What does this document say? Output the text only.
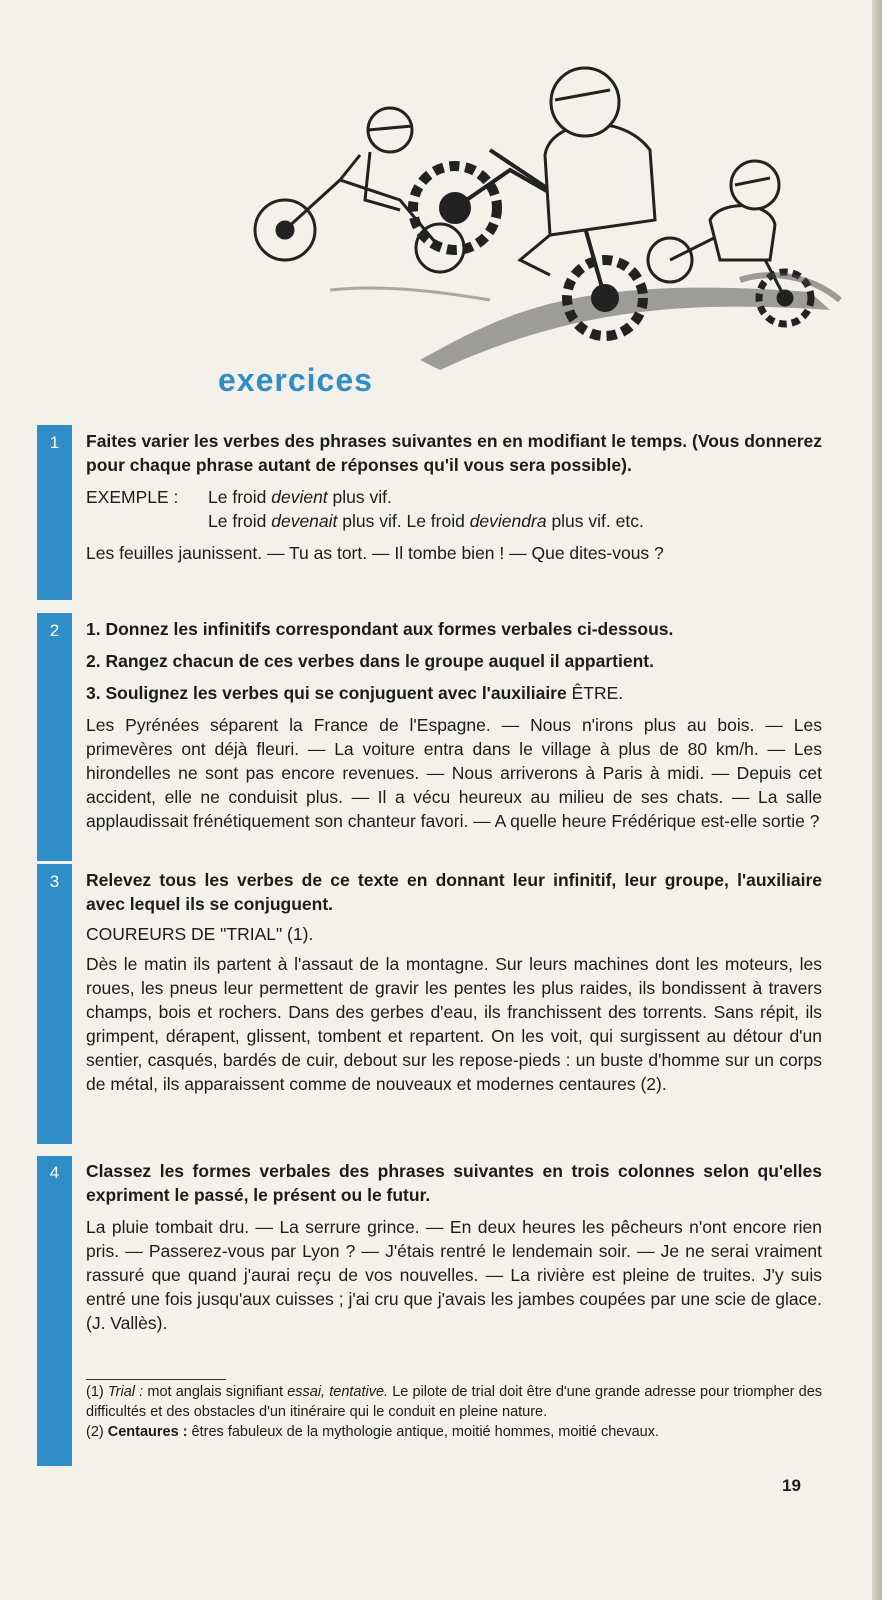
exercices
1	Faites varier les verbes des phrases suivantes en en modifiant le temps. (Vous donnerez pour chaque phrase autant de réponses qu'il vous sera possible).
EXEMPLE :	Le froid devient plus vif.
Le froid devenait plus vif. Le froid deviendra plus vif. etc.
Les feuilles jaunissent. — Tu as tort. — Il tombe bien ! — Que dites-vous ?
2	1. Donnez les infinitifs correspondant aux formes verbales ci-dessous.
2. Rangez chacun de ces verbes dans le groupe auquel il appartient.
3. Soulignez les verbes qui se conjuguent avec l'auxiliaire ÊTRE.
Les Pyrénées séparent la France de l'Espagne. — Nous n'irons plus au bois. — Les primevères ont déjà fleuri. — La voiture entra dans le village à plus de 80 km/h. — Les hirondelles ne sont pas encore revenues. — Nous arriverons à Paris à midi. — Depuis cet accident, elle ne conduisit plus. — Il a vécu heureux au milieu de ses chats. — La salle applaudissait frénétiquement son chanteur favori. — A quelle heure Frédérique est-elle sortie ?
3	Relevez tous les verbes de ce texte en donnant leur infinitif, leur groupe, l'auxiliaire avec lequel ils se conjuguent.
COUREURS DE "TRIAL" (1).
Dès le matin ils partent à l'assaut de la montagne. Sur leurs machines dont les moteurs, les roues, les pneus leur permettent de gravir les pentes les plus raides, ils bondissent à travers champs, bois et rochers. Dans des gerbes d'eau, ils franchissent des torrents. Sans répit, ils grimpent, dérapent, glissent, tombent et repartent. On les voit, qui surgissent au détour d'un sentier, casqués, bardés de cuir, debout sur les repose-pieds : un buste d'homme sur un corps de métal, ils apparaissent comme de nouveaux et modernes centaures (2).
4	Classez les formes verbales des phrases suivantes en trois colonnes selon qu'elles expriment le passé, le présent ou le futur.
La pluie tombait dru. — La serrure grince. — En deux heures les pêcheurs n'ont encore rien pris. — Passerez-vous par Lyon ? — J'étais rentré le lendemain soir. — Je ne serai vraiment rassuré que quand j'aurai reçu de vos nouvelles. — La rivière est pleine de truites. J'y suis entré une fois jusqu'aux cuisses ; j'ai cru que j'avais les jambes coupées par une scie de glace. (J. Vallès).
(1) Trial : mot anglais signifiant essai, tentative. Le pilote de trial doit être d'une grande adresse pour triompher des difficultés et des obstacles d'un itinéraire qui le conduit en pleine nature.
(2) Centaures : êtres fabuleux de la mythologie antique, moitié hommes, moitié chevaux.
19
